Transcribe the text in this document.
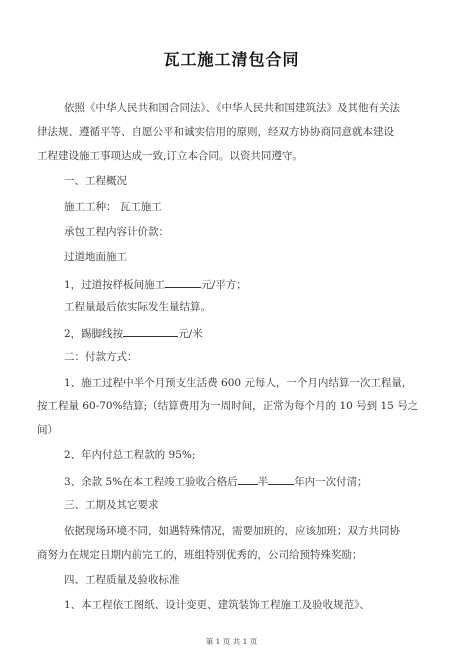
瓦工施工清包合同
依照《中华人民共和国合同法》、《中华人民共和国建筑法》及其他有关法
律法规、遵循平等、自愿公平和诚实信用的原则，经双方协协商同意就本建设
工程建设施工事项达成一致,订立本合同。以资共同遵守。
一、工程概况
施工工种： 瓦工施工
承包工程内容计价款：
过道地面施工
1，过道按样板间施工	元/平方；
工程量最后依实际发生量结算。
2，踢脚线按	元/米
二：付款方式：
1、施工过程中半个月预支生活费 600 元每人，一个月内结算一次工程量，
按工程量 60-70%结算;（结算费用为一周时间，正常为每个月的 10 号到 15 号之
间）
2、年内付总工程款的 95%;
3、余款 5%在本工程竣工验收合格后 半 年内一次付清；
三、工期及其它要求
依据现场环境不同，如遇特殊情况，需要加班的，应该加班；双方共同协
商努力在规定日期内前完工的，班组特别优秀的，公司给预特殊奖励；
四、工程质量及验收标准
1、本工程依工图纸、设计变更、建筑装饰工程施工及验收规范》、
第 1 页 共 1 页
